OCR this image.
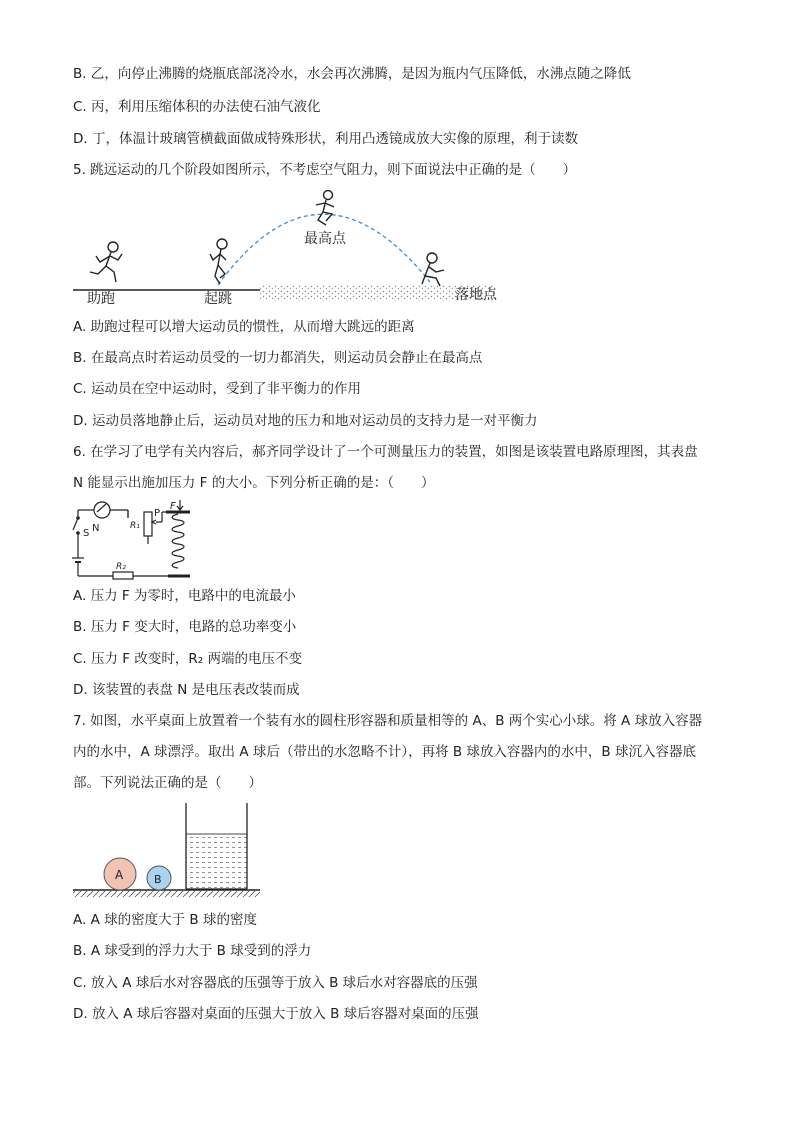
B. 乙，向停止沸腾的烧瓶底部浇冷水，水会再次沸腾，是因为瓶内气压降低，水沸点随之降低
C. 丙，利用压缩体积的办法使石油气液化
D. 丁，体温计玻璃管横截面做成特殊形状，利用凸透镜成放大实像的原理，利于读数
5. 跳远运动的几个阶段如图所示，不考虑空气阻力，则下面说法中正确的是（　　）
助跑	起跳
最高点
落地点
A. 助跑过程可以增大运动员的惯性，从而增大跳远的距离
B. 在最高点时若运动员受的一切力都消失，则运动员会静止在最高点
C. 运动员在空中运动时，受到了非平衡力的作用
D. 运动员落地静止后，运动员对地的压力和地对运动员的支持力是一对平衡力
6. 在学习了电学有关内容后，郝齐同学设计了一个可测量压力的装置，如图是该装置电路原理图，其表盘
N 能显示出施加压力 F 的大小。下列分析正确的是：（　　）
N
S
R₁
P
F
R₂
A. 压力 F 为零时，电路中的电流最小
B. 压力 F 变大时，电路的总功率变小
C. 压力 F 改变时，R₂ 两端的电压不变
D. 该装置的表盘 N 是电压表改装而成
7. 如图，水平桌面上放置着一个装有水的圆柱形容器和质量相等的 A、B 两个实心小球。将 A 球放入容器
内的水中，A 球漂浮。取出 A 球后（带出的水忽略不计），再将 B 球放入容器内的水中，B 球沉入容器底
部。下列说法正确的是（　　）
A	B
A. A 球的密度大于 B 球的密度
B. A 球受到的浮力大于 B 球受到的浮力
C. 放入 A 球后水对容器底的压强等于放入 B 球后水对容器底的压强
D. 放入 A 球后容器对桌面的压强大于放入 B 球后容器对桌面的压强
